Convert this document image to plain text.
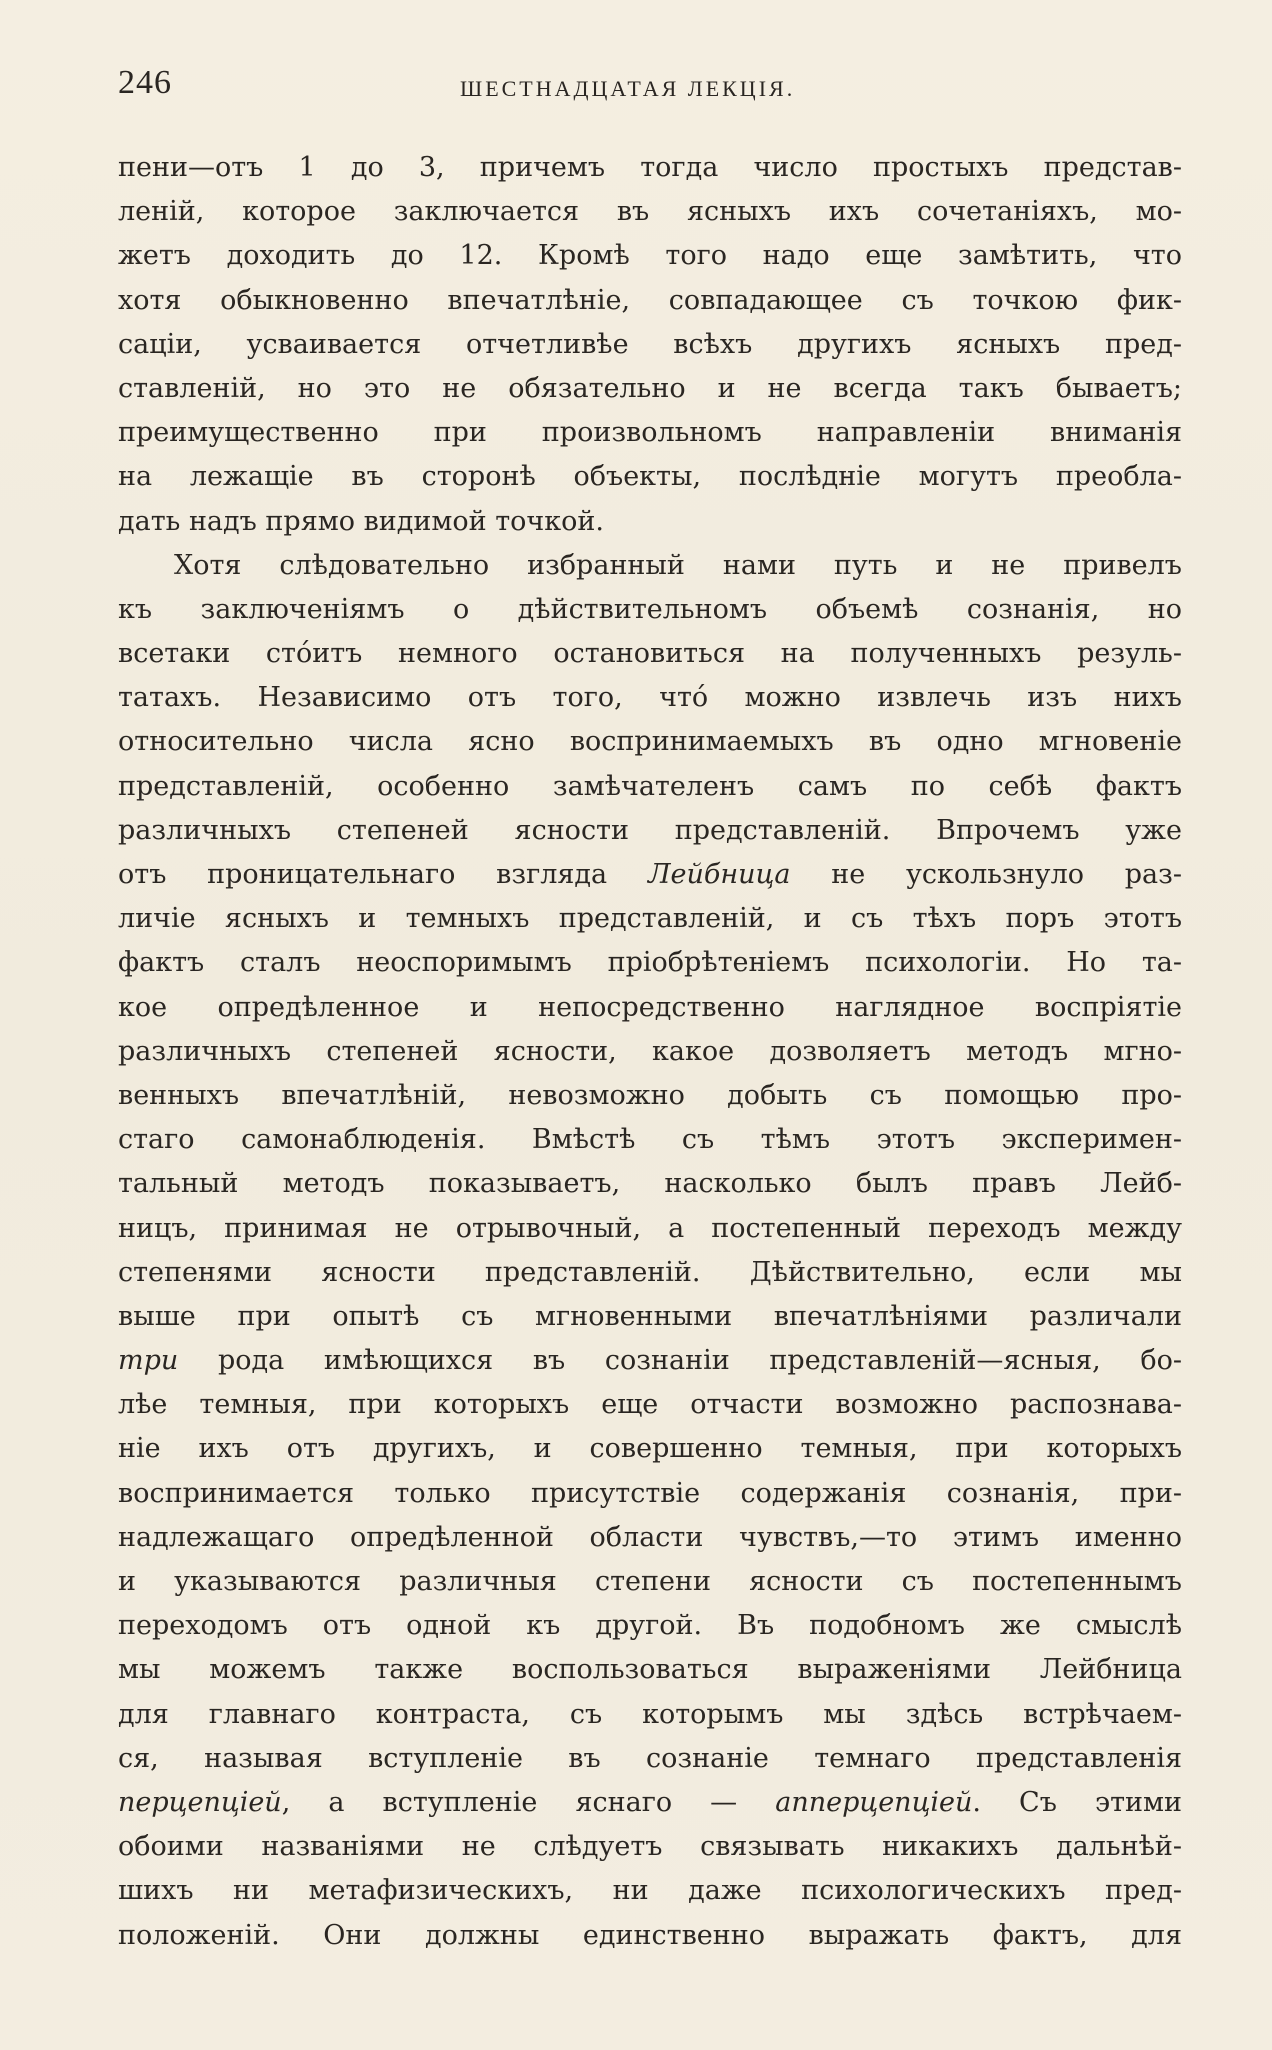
246	ШЕСТНАДЦАТАЯ ЛЕКЦІЯ.
пени—отъ 1 до 3, причемъ тогда число простыхъ представ-
леній, которое заключается въ ясныхъ ихъ сочетаніяхъ, мо-
жетъ доходить до 12. Кромѣ того надо еще замѣтить, что
хотя обыкновенно впечатлѣніе, совпадающее съ точкою фик-
саціи, усваивается отчетливѣе всѣхъ другихъ ясныхъ пред-
ставленій, но это не обязательно и не всегда такъ бываетъ;
преимущественно при произвольномъ направленіи вниманія
на лежащіе въ сторонѣ объекты, послѣдніе могутъ преобла-
дать надъ прямо видимой точкой.
Хотя слѣдовательно избранный нами путь и не привелъ
къ заключеніямъ о дѣйствительномъ объемѣ сознанія, но
всетаки сто́итъ немного остановиться на полученныхъ резуль-
татахъ. Независимо отъ того, что́ можно извлечь изъ нихъ
относительно числа ясно воспринимаемыхъ въ одно мгновеніе
представленій, особенно замѣчателенъ самъ по себѣ фактъ
различныхъ степеней ясности представленій. Впрочемъ уже
отъ проницательнаго взгляда Лейбница не ускользнуло раз-
личіе ясныхъ и темныхъ представленій, и съ тѣхъ поръ этотъ
фактъ сталъ неоспоримымъ пріобрѣтеніемъ психологіи. Но та-
кое опредѣленное и непосредственно наглядное воспріятіе
различныхъ степеней ясности, какое дозволяетъ методъ мгно-
венныхъ впечатлѣній, невозможно добыть съ помощью про-
стаго самонаблюденія. Вмѣстѣ съ тѣмъ этотъ эксперимен-
тальный методъ показываетъ, насколько былъ правъ Лейб-
ницъ, принимая не отрывочный, а постепенный переходъ между
степенями ясности представленій. Дѣйствительно, если мы
выше при опытѣ съ мгновенными впечатлѣніями различали
три рода имѣющихся въ сознаніи представленій—ясныя, бо-
лѣе темныя, при которыхъ еще отчасти возможно распознава-
ніе ихъ отъ другихъ, и совершенно темныя, при которыхъ
воспринимается только присутствіе содержанія сознанія, при-
надлежащаго опредѣленной области чувствъ,—то этимъ именно
и указываются различныя степени ясности съ постепеннымъ
переходомъ отъ одной къ другой. Въ подобномъ же смыслѣ
мы можемъ также воспользоваться выраженіями Лейбница
для главнаго контраста, съ которымъ мы здѣсь встрѣчаем-
ся, называя вступленіе въ сознаніе темнаго представленія
перцепціей, а вступленіе яснаго — апперцепціей. Съ этими
обоими названіями не слѣдуетъ связывать никакихъ дальнѣй-
шихъ ни метафизическихъ, ни даже психологическихъ пред-
положеній. Они должны единственно выражать фактъ, для
